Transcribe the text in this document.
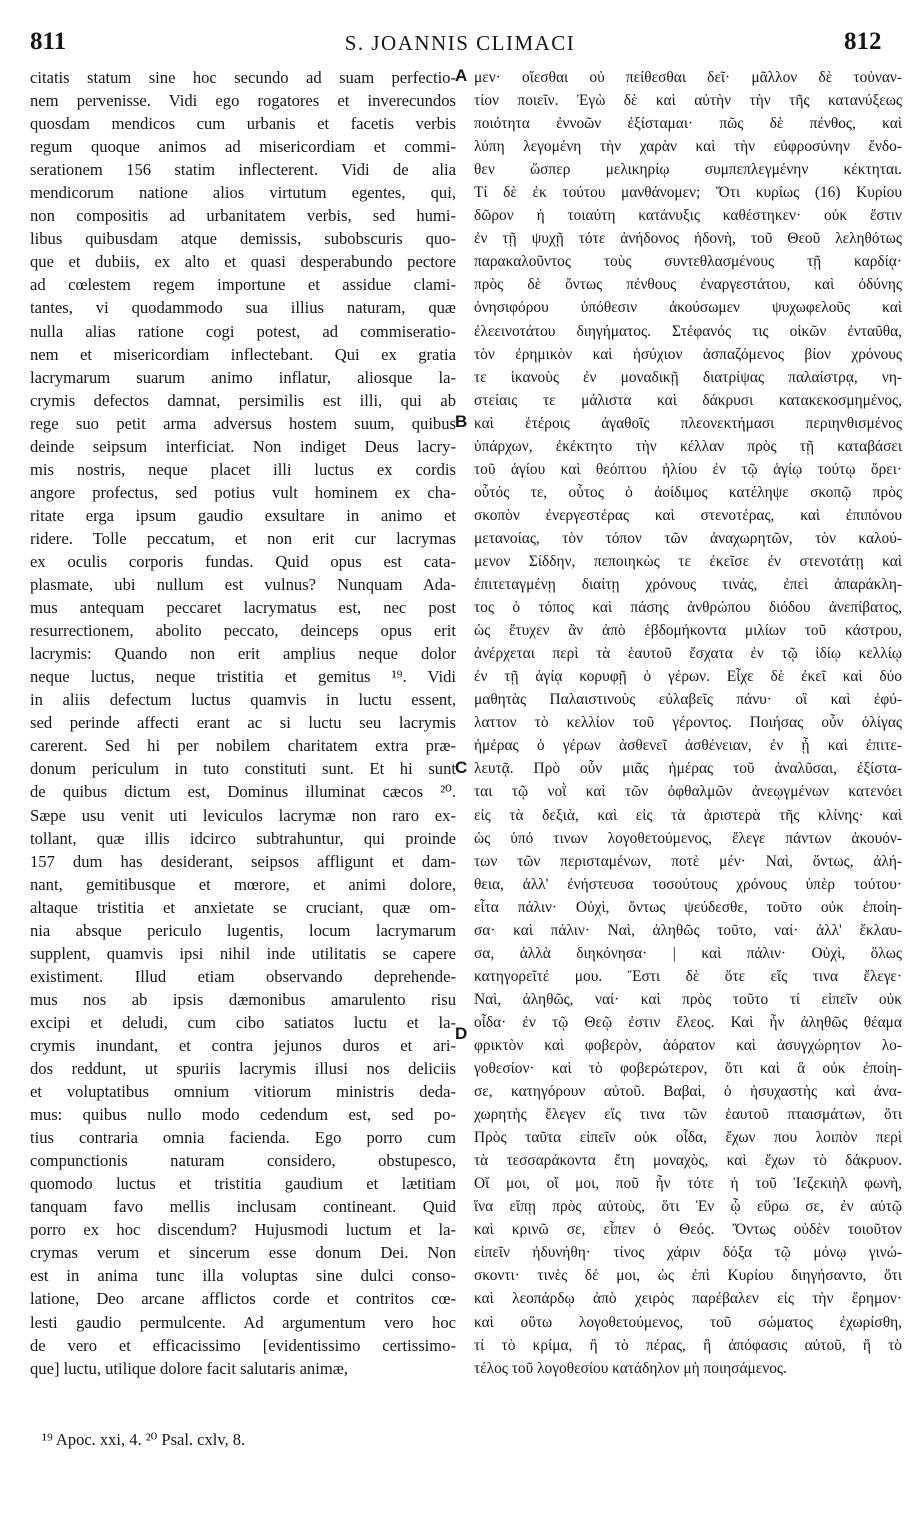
811	S. JOANNIS CLIMACI	812
citatis statum sine hoc secundo ad suam perfectio-
nem pervenisse. Vidi ego rogatores et inverecundos
quosdam mendicos cum urbanis et facetis verbis
regum quoque animos ad misericordiam et commi-
serationem 156 statim inflecterent. Vidi de alia
mendicorum natione alios virtutum egentes, qui,
non compositis ad urbanitatem verbis, sed humi-
libus quibusdam atque demissis, subobscuris quo-
que et dubiis, ex alto et quasi desperabundo pectore
ad cœlestem regem importune et assidue clami-
tantes, vi quodammodo sua illius naturam, quæ
nulla alias ratione cogi potest, ad commiseratio-
nem et misericordiam inflectebant. Qui ex gratia
lacrymarum suarum animo inflatur, aliosque la-
crymis defectos damnat, persimilis est illi, qui ab
rege suo petit arma adversus hostem suum, quibus
deinde seipsum interficiat. Non indiget Deus lacry-
mis nostris, neque placet illi luctus ex cordis
angore profectus, sed potius vult hominem ex cha-
ritate erga ipsum gaudio exsultare in animo et
ridere. Tolle peccatum, et non erit cur lacrymas
ex oculis corporis fundas. Quid opus est cata-
plasmate, ubi nullum est vulnus? Nunquam Ada-
mus antequam peccaret lacrymatus est, nec post
resurrectionem, abolito peccato, deinceps opus erit
lacrymis: Quando non erit amplius neque dolor
neque luctus, neque tristitia et gemitus ¹⁹. Vidi
in aliis defectum luctus quamvis in luctu essent,
sed perinde affecti erant ac si luctu seu lacrymis
carerent. Sed hi per nobilem charitatem extra præ-
donum periculum in tuto constituti sunt. Et hi sunt
de quibus dictum est, Dominus illuminat cæcos ²⁰.
Sæpe usu venit uti leviculos lacrymæ non raro ex-
tollant, quæ illis idcirco subtrahuntur, qui proinde
157 dum has desiderant, seipsos affligunt et dam-
nant, gemitibusque et mœrore, et animi dolore,
altaque tristitia et anxietate se cruciant, quæ om-
nia absque periculo lugentis, locum lacrymarum
supplent, quamvis ipsi nihil inde utilitatis se capere
existiment. Illud etiam observando deprehende-
mus nos ab ipsis dæmonibus amarulento risu
excipi et deludi, cum cibo satiatos luctu et la-
crymis inundant, et contra jejunos duros et ari-
dos reddunt, ut spuriis lacrymis illusi nos deliciis
et voluptatibus omnium vitiorum ministris deda-
mus: quibus nullo modo cedendum est, sed po-
tius contraria omnia facienda. Ego porro cum
compunctionis naturam considero, obstupesco,
quomodo luctus et tristitia gaudium et lætitiam
tanquam favo mellis inclusam contineant. Quid
porro ex hoc discendum? Hujusmodi luctum et la-
crymas verum et sincerum esse donum Dei. Non
est in anima tunc illa voluptas sine dulci conso-
latione, Deo arcane afflictos corde et contritos cœ-
lesti gaudio permulcente. Ad argumentum vero hoc
de vero et efficacissimo [evidentissimo certissimo-
que] luctu, utilique dolore facit salutaris animæ,
μεν· οἴεσθαι οὐ πείθεσθαι δεῖ· μᾶλλον δὲ τοὐναν-
τίον ποιεῖν. Ἐγὼ δὲ καὶ αὐτὴν τὴν τῆς κατανύξεως
ποιότητα ἐννοῶν ἐξίσταμαι· πῶς δὲ πένθος, καὶ
λύπη λεγομένη τὴν χαρὰν καὶ τὴν εὐφροσύνην ἔνδο-
θεν ὥσπερ μελικηρίῳ συμπεπλεγμένην κέκτηται.
Τί δὲ ἐκ τούτου μανθάνομεν; Ὅτι κυρίως (16) Κυρίου
δῶρον ἡ τοιαύτη κατάνυξις καθέστηκεν· οὐκ ἔστιν
ἐν τῇ ψυχῇ τότε ἀνήδονος ἡδονὴ, τοῦ Θεοῦ λεληθότως
παρακαλοῦντος τοὺς συντεθλασμένους τῇ καρδίᾳ·
πρὸς δὲ ὄντως πένθους ἐναργεστάτου, καὶ ὀδύνης
ὀνησιφόρου ὑπόθεσιν ἀκούσωμεν ψυχωφελοῦς καὶ
ἐλεεινοτάτου διηγήματος. Στέφανός τις οἰκῶν ἐνταῦθα,
τὸν ἐρημικὸν καὶ ἡσύχιον ἀσπαζόμενος βίον χρόνους
τε ἱκανοὺς ἐν μοναδικῇ διατρίψας παλαίστρᾳ, νη-
στείαις τε μάλιστα καὶ δάκρυσι κατακεκοσμημένος,
καὶ ἑτέροις ἀγαθοῖς πλεονεκτήμασι περιηνθισμένος
ὑπάρχων, ἐκέκτητο τὴν κέλλαν πρὸς τῇ καταβάσει
τοῦ ἁγίου καὶ θεόπτου ἠλίου ἐν τῷ ἁγίῳ τούτῳ ὄρει·
οὗτός τε, οὗτος ὁ ἀοίδιμος κατέληψε σκοπῷ πρὸς
σκοπὸν ἐνεργεστέρας καὶ στενοτέρας, καὶ ἐπιπόνου
μετανοίας, τὸν τόπον τῶν ἀναχωρητῶν, τὸν καλού-
μενον Σίδδην, πεποιηκὼς τε ἐκεῖσε ἐν στενοτάτῃ καὶ
ἐπιτεταγμένῃ διαίτῃ χρόνους τινάς, ἐπεὶ ἀπαράκλη-
τος ὁ τόπος καὶ πάσης ἀνθρώπου διόδου ἀνεπίβατος,
ὡς ἔτυχεν ἂν ἀπὸ ἑβδομήκοντα μιλίων τοῦ κάστρου,
ἀνέρχεται περὶ τὰ ἑαυτοῦ ἔσχατα ἐν τῷ ἰδίῳ κελλίῳ
ἐν τῇ ἁγίᾳ κορυφῇ ὁ γέρων. Εἶχε δὲ ἐκεῖ καὶ δύο
μαθητὰς Παλαιστινοὺς εὐλαβεῖς πάνυ· οἳ καὶ ἐφύ-
λαττον τὸ κελλίον τοῦ γέροντος. Ποιήσας οὖν ὀλίγας
ἡμέρας ὁ γέρων ἀσθενεῖ ἀσθένειαν, ἐν ᾗ καὶ ἐπιτε-
λευτᾷ. Πρὸ οὖν μιᾶς ἡμέρας τοῦ ἀναλῦσαι, ἐξίστα-
ται τῷ νοῒ καὶ τῶν ὀφθαλμῶν ἀνεῳγμένων κατενόει
εἰς τὰ δεξιὰ, καὶ εἰς τὰ ἀριστερὰ τῆς κλίνης· καὶ
ὡς ὑπό τινων λογοθετούμενος, ἔλεγε πάντων ἀκουόν-
των τῶν περισταμένων, ποτὲ μέν· Ναὶ, ὄντως, ἀλή-
θεια, ἀλλ' ἐνήστευσα τοσούτους χρόνους ὑπὲρ τούτου·
εἶτα πάλιν· Οὐχὶ, ὄντως ψεύδεσθε, τοῦτο οὐκ ἐποίη-
σα· καὶ πάλιν· Ναὶ, ἀληθῶς τοῦτο, ναί· ἀλλ' ἔκλαυ-
σα, ἀλλὰ διηκόνησα· | καὶ πάλιν· Οὐχὶ, ὅλως
κατηγορεῖτέ μου. Ἔστι δὲ ὅτε εἴς τινα ἔλεγε·
Ναὶ, ἀληθῶς, ναί· καὶ πρὸς τοῦτο τί εἰπεῖν οὐκ
οἶδα· ἐν τῷ Θεῷ ἐστιν ἔλεος. Καὶ ἦν ἀληθῶς θέαμα
φρικτὸν καὶ φοβερὸν, ἀόρατον καὶ ἀσυγχώρητον λο-
γοθεσίον· καὶ τὸ φοβερώτερον, ὅτι καὶ ἃ οὐκ ἐποίη-
σε, κατηγόρουν αὐτοῦ. Βαβαὶ, ὁ ἡσυχαστὴς καὶ ἀνα-
χωρητὴς ἔλεγεν εἴς τινα τῶν ἑαυτοῦ πταισμάτων, ὅτι
Πρὸς ταῦτα εἰπεῖν οὐκ οἶδα, ἔχων που λοιπὸν περὶ
τὰ τεσσαράκοντα ἔτη μοναχὸς, καὶ ἔχων τὸ δάκρυον.
Οἴ μοι, οἴ μοι, ποῦ ἦν τότε ἡ τοῦ Ἰεζεκιὴλ φωνὴ,
ἵνα εἴπῃ πρὸς αὐτοὺς, ὅτι Ἐν ᾧ εὕρω σε, ἐν αὐτῷ
καὶ κρινῶ σε, εἶπεν ὁ Θεός. Ὄντως οὐδὲν τοιοῦτον
εἰπεῖν ἠδυνήθη· τίνος χάριν δόξα τῷ μόνῳ γινώ-
σκοντι· τινὲς δέ μοι, ὡς ἐπὶ Κυρίου διηγήσαντο, ὅτι
καὶ λεοπάρδῳ ἀπὸ χειρὸς παρέβαλεν εἰς τὴν ἔρημον·
καὶ οὕτω λογοθετούμενος, τοῦ σώματος ἐχωρίσθη,
τί τὸ κρίμα, ἢ τὸ πέρας, ἢ ἀπόφασις αὐτοῦ, ἢ τὸ
τέλος τοῦ λογοθεσίου κατάδηλον μὴ ποιησάμενος.
A
B
C
D
¹⁹ Apoc. xxi, 4. ²⁰ Psal. cxlv, 8.
